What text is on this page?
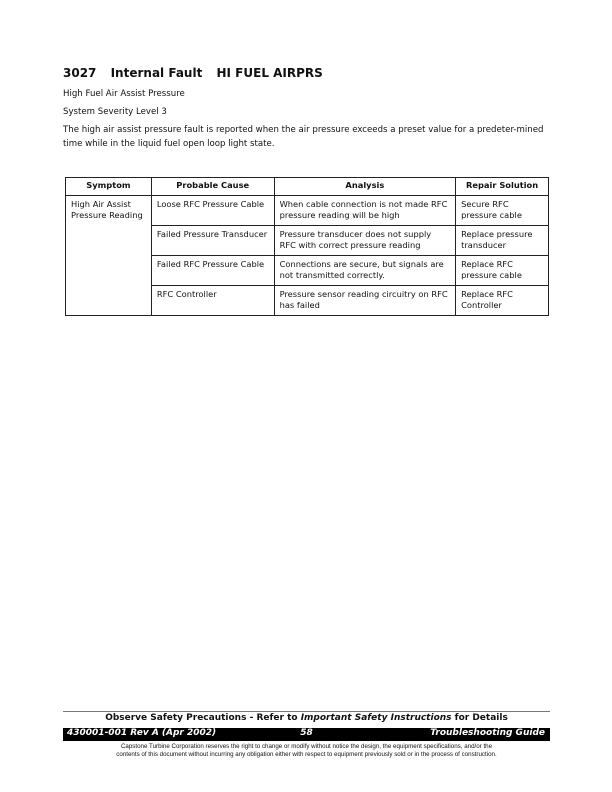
3027 Internal Fault HI FUEL AIRPRS
High Fuel Air Assist Pressure
System Severity Level 3
The high air assist pressure fault is reported when the air pressure exceeds a preset value for a predeter-mined time while in the liquid fuel open loop light state.
Symptom	Probable Cause	Analysis	Repair Solution
High Air Assist Pressure Reading	Loose RFC Pressure Cable	When cable connection is not made RFC pressure reading will be high	Secure RFC pressure cable
	Failed Pressure Transducer	Pressure transducer does not supply RFC with correct pressure reading	Replace pressure transducer
	Failed RFC Pressure Cable	Connections are secure, but signals are not transmitted correctly.	Replace RFC pressure cable
	RFC Controller	Pressure sensor reading circuitry on RFC has failed	Replace RFC Controller
Observe Safety Precautions - Refer to Important Safety Instructions for Details
430001-001 Rev A (Apr 2002)	58	Troubleshooting Guide
Capstone Turbine Corporation reserves the right to change or modify without notice the design, the equipment specifications, and/or the
contents of this document without incurring any obligation either with respect to equipment previously sold or in the process of construction.
